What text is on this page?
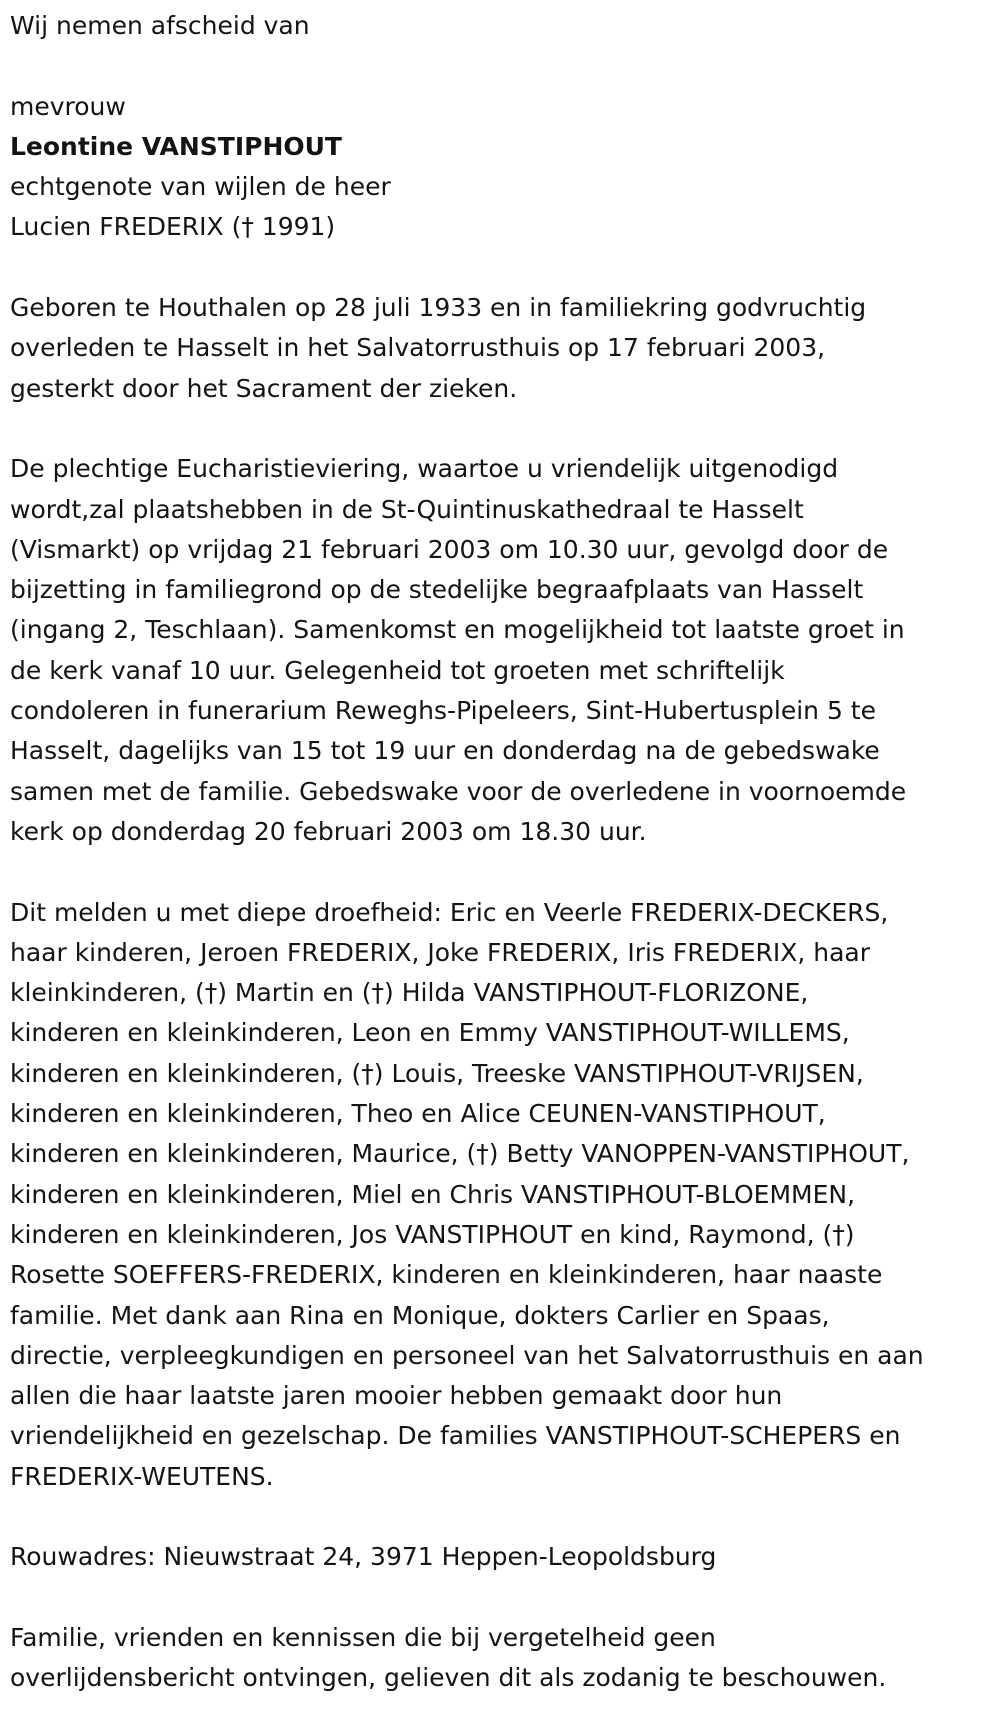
Wij nemen afscheid van

mevrouw

Leontine VANSTIPHOUT

echtgenote van wijlen de heer

Lucien FREDERIX († 1991)

Geboren te Houthalen op 28 juli 1933 en in familiekring godvruchtig

overleden te Hasselt in het Salvatorrusthuis op 17 februari 2003,

gesterkt door het Sacrament der zieken.

De plechtige Eucharistieviering, waartoe u vriendelijk uitgenodigd

wordt,zal plaatshebben in de St-Quintinuskathedraal te Hasselt

(Vismarkt) op vrijdag 21 februari 2003 om 10.30 uur, gevolgd door de

bijzetting in familiegrond op de stedelijke begraafplaats van Hasselt

(ingang 2, Teschlaan). Samenkomst en mogelijkheid tot laatste groet in

de kerk vanaf 10 uur. Gelegenheid tot groeten met schriftelijk

condoleren in funerarium Reweghs-Pipeleers, Sint-Hubertusplein 5 te

Hasselt, dagelijks van 15 tot 19 uur en donderdag na de gebedswake

samen met de familie. Gebedswake voor de overledene in voornoemde

kerk op donderdag 20 februari 2003 om 18.30 uur.

Dit melden u met diepe droefheid: Eric en Veerle FREDERIX-DECKERS,

haar kinderen, Jeroen FREDERIX, Joke FREDERIX, Iris FREDERIX, haar

kleinkinderen, (†) Martin en (†) Hilda VANSTIPHOUT-FLORIZONE,

kinderen en kleinkinderen, Leon en Emmy VANSTIPHOUT-WILLEMS,

kinderen en kleinkinderen, (†) Louis, Treeske VANSTIPHOUT-VRIJSEN,

kinderen en kleinkinderen, Theo en Alice CEUNEN-VANSTIPHOUT,

kinderen en kleinkinderen, Maurice, (†) Betty VANOPPEN-VANSTIPHOUT,

kinderen en kleinkinderen, Miel en Chris VANSTIPHOUT-BLOEMMEN,

kinderen en kleinkinderen, Jos VANSTIPHOUT en kind, Raymond, (†)

Rosette SOEFFERS-FREDERIX, kinderen en kleinkinderen, haar naaste

familie. Met dank aan Rina en Monique, dokters Carlier en Spaas,

directie, verpleegkundigen en personeel van het Salvatorrusthuis en aan

allen die haar laatste jaren mooier hebben gemaakt door hun

vriendelijkheid en gezelschap. De families VANSTIPHOUT-SCHEPERS en

FREDERIX-WEUTENS.

Rouwadres: Nieuwstraat 24, 3971 Heppen-Leopoldsburg

Familie, vrienden en kennissen die bij vergetelheid geen

overlijdensbericht ontvingen, gelieven dit als zodanig te beschouwen.
